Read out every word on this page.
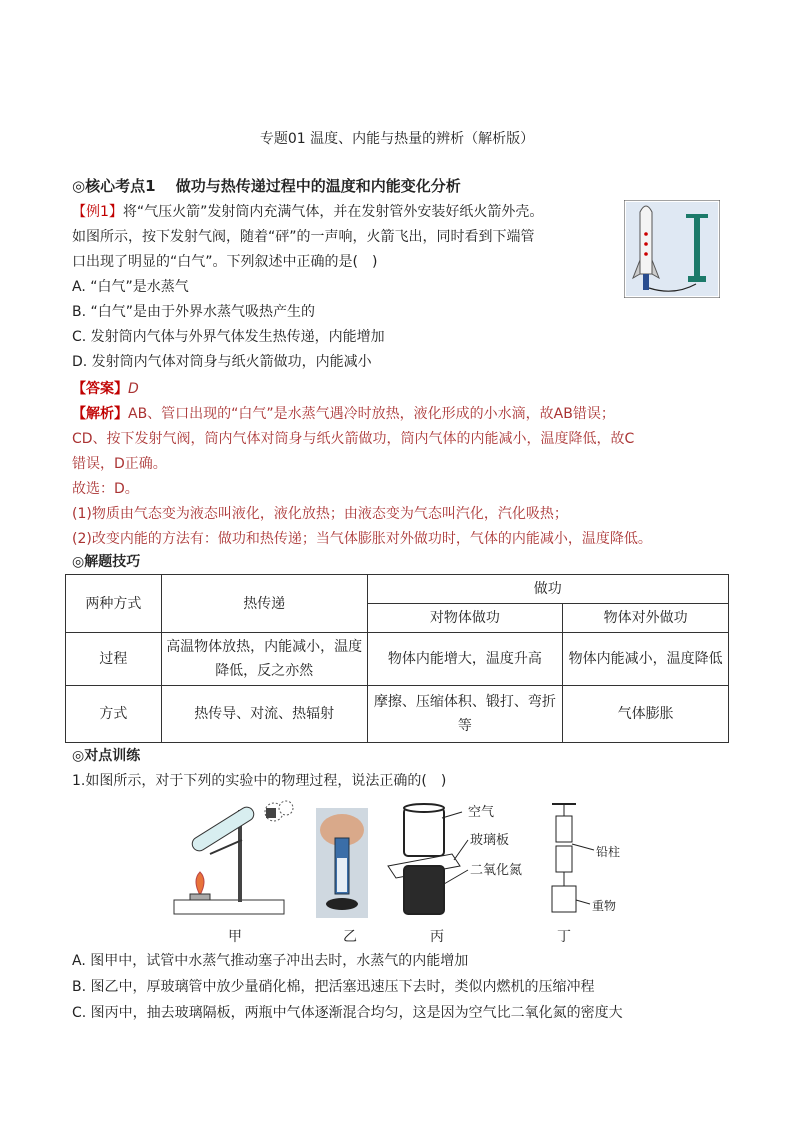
专题01 温度、内能与热量的辨析（解析版）
◎核心考点1　 做功与热传递过程中的温度和内能变化分析
【例1】将“气压火箭”发射筒内充满气体，并在发射管外安装好纸火箭外壳。
如图所示，按下发射气阀，随着“砰”的一声响，火箭飞出，同时看到下端管
口出现了明显的“白气”。下列叙述中正确的是(　)
A. “白气”是水蒸气
B. “白气”是由于外界水蒸气吸热产生的
C. 发射筒内气体与外界气体发生热传递，内能增加
D. 发射筒内气体对筒身与纸火箭做功，内能减小
【答案】D
【解析】AB、管口出现的“白气”是水蒸气遇冷时放热，液化形成的小水滴，故AB错误；
CD、按下发射气阀，筒内气体对筒身与纸火箭做功，筒内气体的内能减小，温度降低，故C
错误，D正确。
故选：D。
(1)物质由气态变为液态叫液化，液化放热；由液态变为气态叫汽化，汽化吸热；
(2)改变内能的方法有：做功和热传递；当气体膨胀对外做功时，气体的内能减小，温度降低。
◎解题技巧
两种方式	热传递	做功	
		对物体做功	物体对外做功
过程	高温物体放热，内能减小，温度降低，反之亦然	物体内能增大，温度升高	物体内能减小，温度降低
方式	热传导、对流、热辐射	摩擦、压缩体积、锻打、弯折等	气体膨胀
◎对点训练
1.如图所示，对于下列的实验中的物理过程，说法正确的(　)
甲	乙
空气
玻璃板
二氧化氮
丙
铅柱
重物
丁
A. 图甲中，试管中水蒸气推动塞子冲出去时，水蒸气的内能增加
B. 图乙中，厚玻璃管中放少量硝化棉，把活塞迅速压下去时，类似内燃机的压缩冲程
C. 图丙中，抽去玻璃隔板，两瓶中气体逐渐混合均匀，这是因为空气比二氧化氮的密度大
